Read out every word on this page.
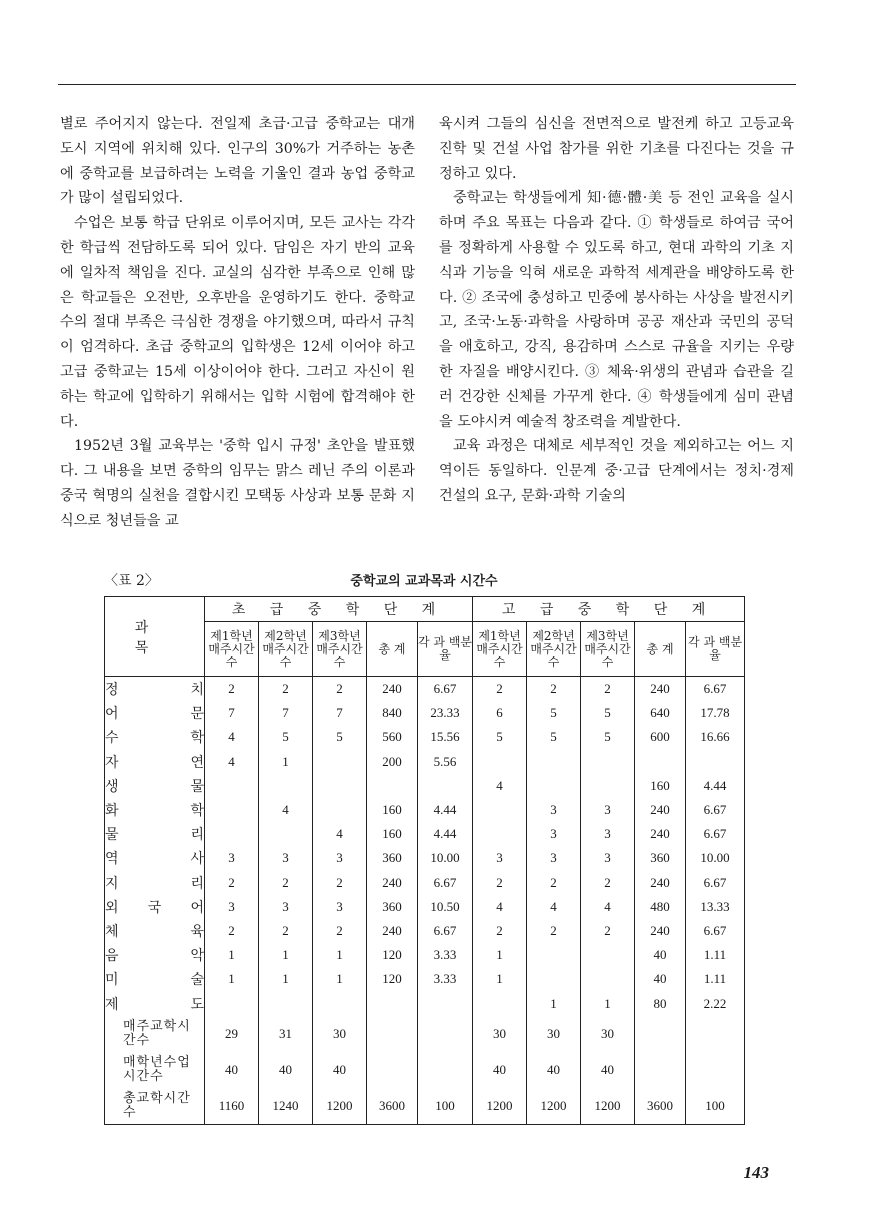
별로 주어지지 않는다. 전일제 초급·고급 중학교는 대개 도시 지역에 위치해 있다. 인구의 30%가 거주하는 농촌에 중학교를 보급하려는 노력을 기울인 결과 농업 중학교가 많이 설립되었다.

수업은 보통 학급 단위로 이루어지며, 모든 교사는 각각 한 학급씩 전담하도록 되어 있다. 담임은 자기 반의 교육에 일차적 책임을 진다. 교실의 심각한 부족으로 인해 많은 학교들은 오전반, 오후반을 운영하기도 한다. 중학교 수의 절대 부족은 극심한 경쟁을 야기했으며, 따라서 규칙이 엄격하다. 초급 중학교의 입학생은 12세 이어야 하고 고급 중학교는 15세 이상이어야 한다. 그러고 자신이 원하는 학교에 입학하기 위해서는 입학 시험에 합격해야 한다.

1952년 3월 교육부는 '중학 입시 규정' 초안을 발표했다. 그 내용을 보면 중학의 임무는 맑스 레닌 주의 이론과 중국 혁명의 실천을 결합시킨 모택동 사상과 보통 문화 지식으로 청년들을 교

육시켜 그들의 심신을 전면적으로 발전케 하고 고등교육 진학 및 건설 사업 참가를 위한 기초를 다진다는 것을 규정하고 있다.

중학교는 학생들에게 知·德·體·美 등 전인 교육을 실시하며 주요 목표는 다음과 같다. ① 학생들로 하여금 국어를 정확하게 사용할 수 있도록 하고, 현대 과학의 기초 지식과 기능을 익혀 새로운 과학적 세계관을 배양하도록 한다. ② 조국에 충성하고 민중에 봉사하는 사상을 발전시키고, 조국·노동·과학을 사랑하며 공공 재산과 국민의 공덕을 애호하고, 강직, 용감하며 스스로 규율을 지키는 우량한 자질을 배양시킨다. ③ 체육·위생의 관념과 습관을 길러 건강한 신체를 가꾸게 한다. ④ 학생들에게 심미 관념을 도야시켜 예술적 창조력을 계발한다.

교육 과정은 대체로 세부적인 것을 제외하고는 어느 지역이든 동일하다. 인문계 중·고급 단계에서는 정치·경제 건설의 요구, 문화·과학 기술의

〈표 2〉	중학교의 교과목과 시간수
과 목	초 급 중 학 단 계					고 급 중 학 단 계				
	제1학년매주시간수	제2학년매주시간수	제3학년매주시간수	총 계	각 과 백분율	제1학년매주시간수	제2학년매주시간수	제3학년매주시간수	총 계	각 과 백분율
정 치	2	2	2	240	6.67	2	2	2	240	6.67
어 문	7	7	7	840	23.33	6	5	5	640	17.78
수 학	4	5	5	560	15.56	5	5	5	600	16.66
자 연	4	1		200	5.56					
생 물						4			160	4.44
화 학		4		160	4.44		3	3	240	6.67
물 리			4	160	4.44		3	3	240	6.67
역 사	3	3	3	360	10.00	3	3	3	360	10.00
지 리	2	2	2	240	6.67	2	2	2	240	6.67
외 국 어	3	3	3	360	10.50	4	4	4	480	13.33
체 육	2	2	2	240	6.67	2	2	2	240	6.67
음 악	1	1	1	120	3.33	1			40	1.11
미 술	1	1	1	120	3.33	1			40	1.11
제 도							1	1	80	2.22
매주교학시간수	29	31	30			30	30	30		
매학년수업시간수	40	40	40			40	40	40		
총교학시간수	1160	1240	1200	3600	100	1200	1200	1200	3600	100
143
